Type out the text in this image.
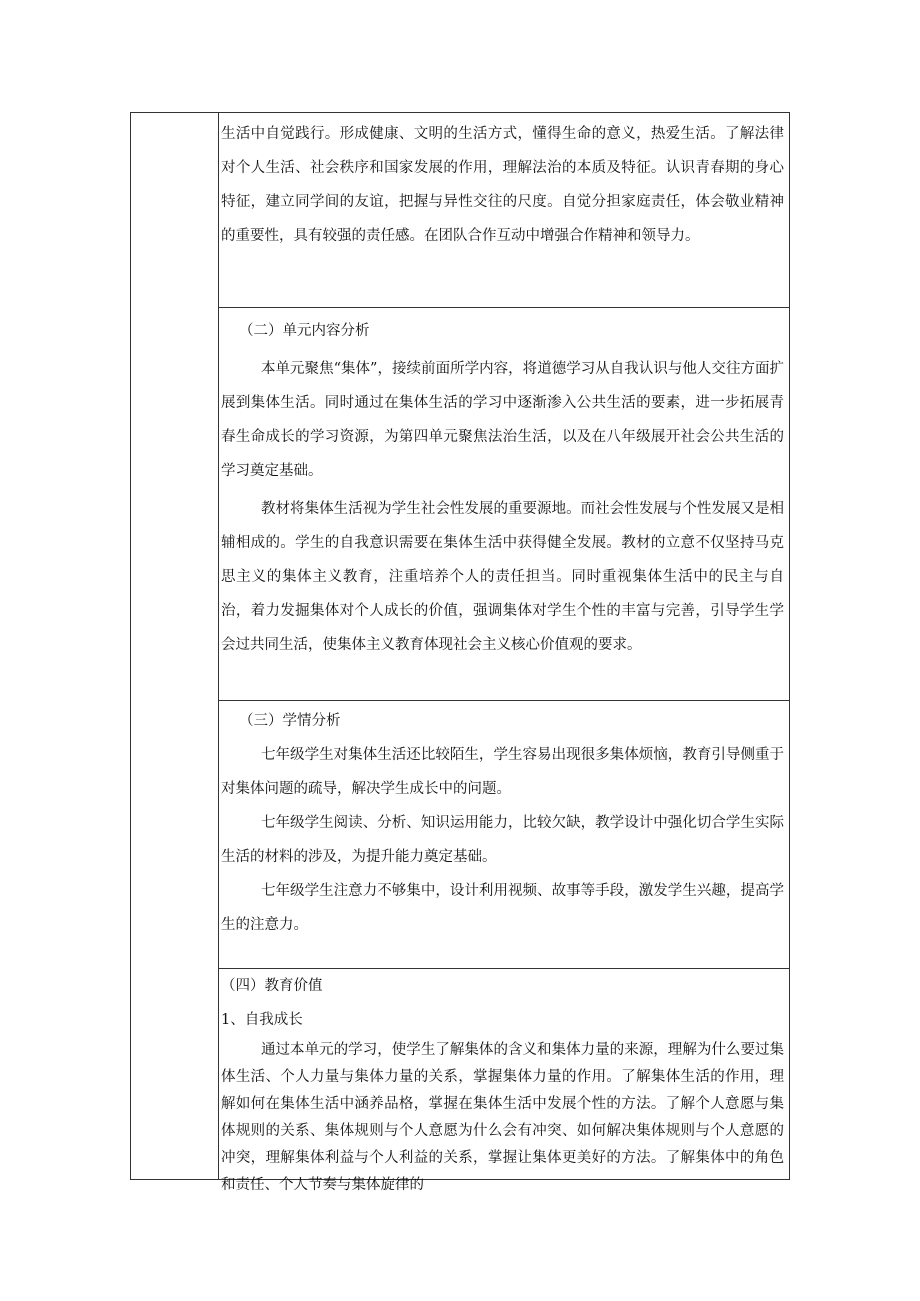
生活中自觉践行。形成健康、文明的生活方式，懂得生命的意义，热爱生活。了解法律对个人生活、社会秩序和国家发展的作用，理解法治的本质及特征。认识青春期的身心特征，建立同学间的友谊，把握与异性交往的尺度。自觉分担家庭责任，体会敬业精神的重要性，具有较强的责任感。在团队合作互动中增强合作精神和领导力。

（二）单元内容分析

本单元聚焦“集体”，接续前面所学内容，将道德学习从自我认识与他人交往方面扩展到集体生活。同时通过在集体生活的学习中逐渐渗入公共生活的要素，进一步拓展青春生命成长的学习资源，为第四单元聚焦法治生活，以及在八年级展开社会公共生活的学习奠定基础。

教材将集体生活视为学生社会性发展的重要源地。而社会性发展与个性发展又是相辅相成的。学生的自我意识需要在集体生活中获得健全发展。教材的立意不仅坚持马克思主义的集体主义教育，注重培养个人的责任担当。同时重视集体生活中的民主与自治，着力发掘集体对个人成长的价值，强调集体对学生个性的丰富与完善，引导学生学会过共同生活，使集体主义教育体现社会主义核心价值观的要求。

（三）学情分析

七年级学生对集体生活还比较陌生，学生容易出现很多集体烦恼，教育引导侧重于对集体问题的疏导，解决学生成长中的问题。

七年级学生阅读、分析、知识运用能力，比较欠缺，教学设计中强化切合学生实际生活的材料的涉及，为提升能力奠定基础。

七年级学生注意力不够集中，设计利用视频、故事等手段，激发学生兴趣，提高学生的注意力。

（四）教育价值

1、自我成长

通过本单元的学习，使学生了解集体的含义和集体力量的来源，理解为什么要过集体生活、个人力量与集体力量的关系，掌握集体力量的作用。了解集体生活的作用，理解如何在集体生活中涵养品格，掌握在集体生活中发展个性的方法。了解个人意愿与集体规则的关系、集体规则与个人意愿为什么会有冲突、如何解决集体规则与个人意愿的冲突，理解集体利益与个人利益的关系，掌握让集体更美好的方法。了解集体中的角色和责任、个人节奏与集体旋律的
